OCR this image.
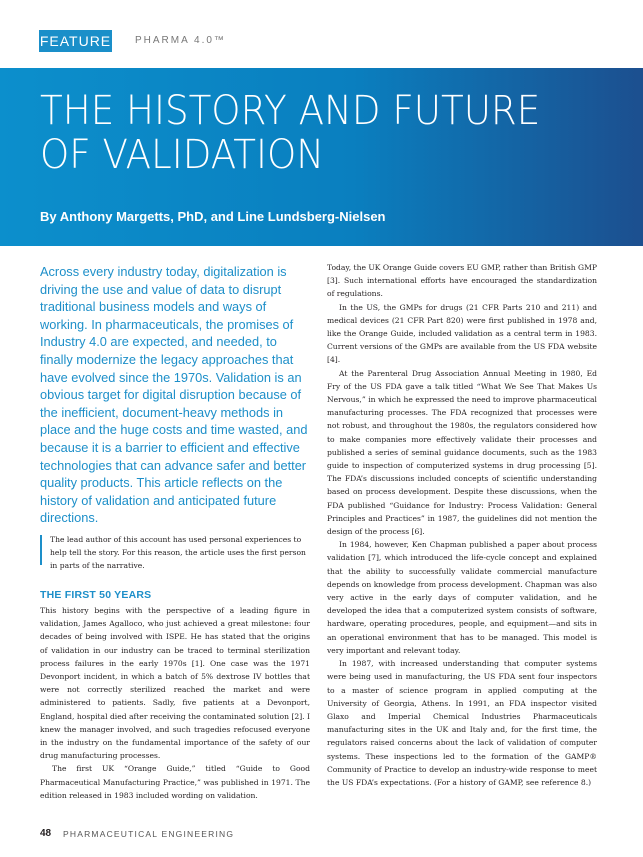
FEATURE PHARMA 4.0™
THE HISTORY AND FUTURE
OF VALIDATION
By Anthony Margetts, PhD, and Line Lundsberg-Nielsen

Across every industry today, digitalization is driving the use and value of data to disrupt traditional business models and ways of working. In pharmaceuticals, the promises of Industry 4.0 are expected, and needed, to finally modernize the legacy approaches that have evolved since the 1970s. Validation is an obvious target for digital disruption because of the inefficient, document-heavy methods in place and the huge costs and time wasted, and because it is a barrier to efficient and effective technologies that can advance safer and better quality products. This article reflects on the history of validation and anticipated future directions.

The lead author of this account has used personal experiences to help tell the story. For this reason, the article uses the first person in parts of the narrative.

THE FIRST 50 YEARS

This history begins with the perspective of a leading figure in validation, James Agalloco, who just achieved a great milestone: four decades of being involved with ISPE. He has stated that the origins of validation in our industry can be traced to terminal sterilization process failures in the early 1970s [1]. One case was the 1971 Devonport incident, in which a batch of 5% dextrose IV bottles that were not correctly sterilized reached the market and were administered to patients. Sadly, five patients at a Devonport, England, hospital died after receiving the contaminated solution [2]. I knew the manager involved, and such tragedies refocused everyone in the industry on the fundamental importance of the safety of our drug manufacturing processes.

The first UK “Orange Guide,” titled “Guide to Good Pharmaceutical Manufacturing Practice,” was published in 1971. The edition released in 1983 included wording on validation.

Today, the UK Orange Guide covers EU GMP, rather than British GMP [3]. Such international efforts have encouraged the standardization of regulations.

In the US, the GMPs for drugs (21 CFR Parts 210 and 211) and medical devices (21 CFR Part 820) were first published in 1978 and, like the Orange Guide, included validation as a central term in 1983. Current versions of the GMPs are available from the US FDA website [4].

At the Parenteral Drug Association Annual Meeting in 1980, Ed Fry of the US FDA gave a talk titled “What We See That Makes Us Nervous,” in which he expressed the need to improve pharmaceutical manufacturing processes. The FDA recognized that processes were not robust, and throughout the 1980s, the regulators considered how to make companies more effectively validate their processes and published a series of seminal guidance documents, such as the 1983 guide to inspection of computerized systems in drug processing [5]. The FDA’s discussions included concepts of scientific understanding based on process development. Despite these discussions, when the FDA published “Guidance for Industry: Process Validation: General Principles and Practices” in 1987, the guidelines did not mention the design of the process [6].

In 1984, however, Ken Chapman published a paper about process validation [7], which introduced the life-cycle concept and explained that the ability to successfully validate commercial manufacture depends on knowledge from process development. Chapman was also very active in the early days of computer validation, and he developed the idea that a computerized system consists of software, hardware, operating procedures, people, and equipment—and sits in an operational environment that has to be managed. This model is very important and relevant today.

In 1987, with increased understanding that computer systems were being used in manufacturing, the US FDA sent four inspectors to a master of science program in applied computing at the University of Georgia, Athens. In 1991, an FDA inspector visited Glaxo and Imperial Chemical Industries Pharmaceuticals manufacturing sites in the UK and Italy and, for the first time, the regulators raised concerns about the lack of validation of computer systems. These inspections led to the formation of the GAMP® Community of Practice to develop an industry-wide response to meet the US FDA’s expectations. (For a history of GAMP, see reference 8.)

48 PHARMACEUTICAL ENGINEERING
